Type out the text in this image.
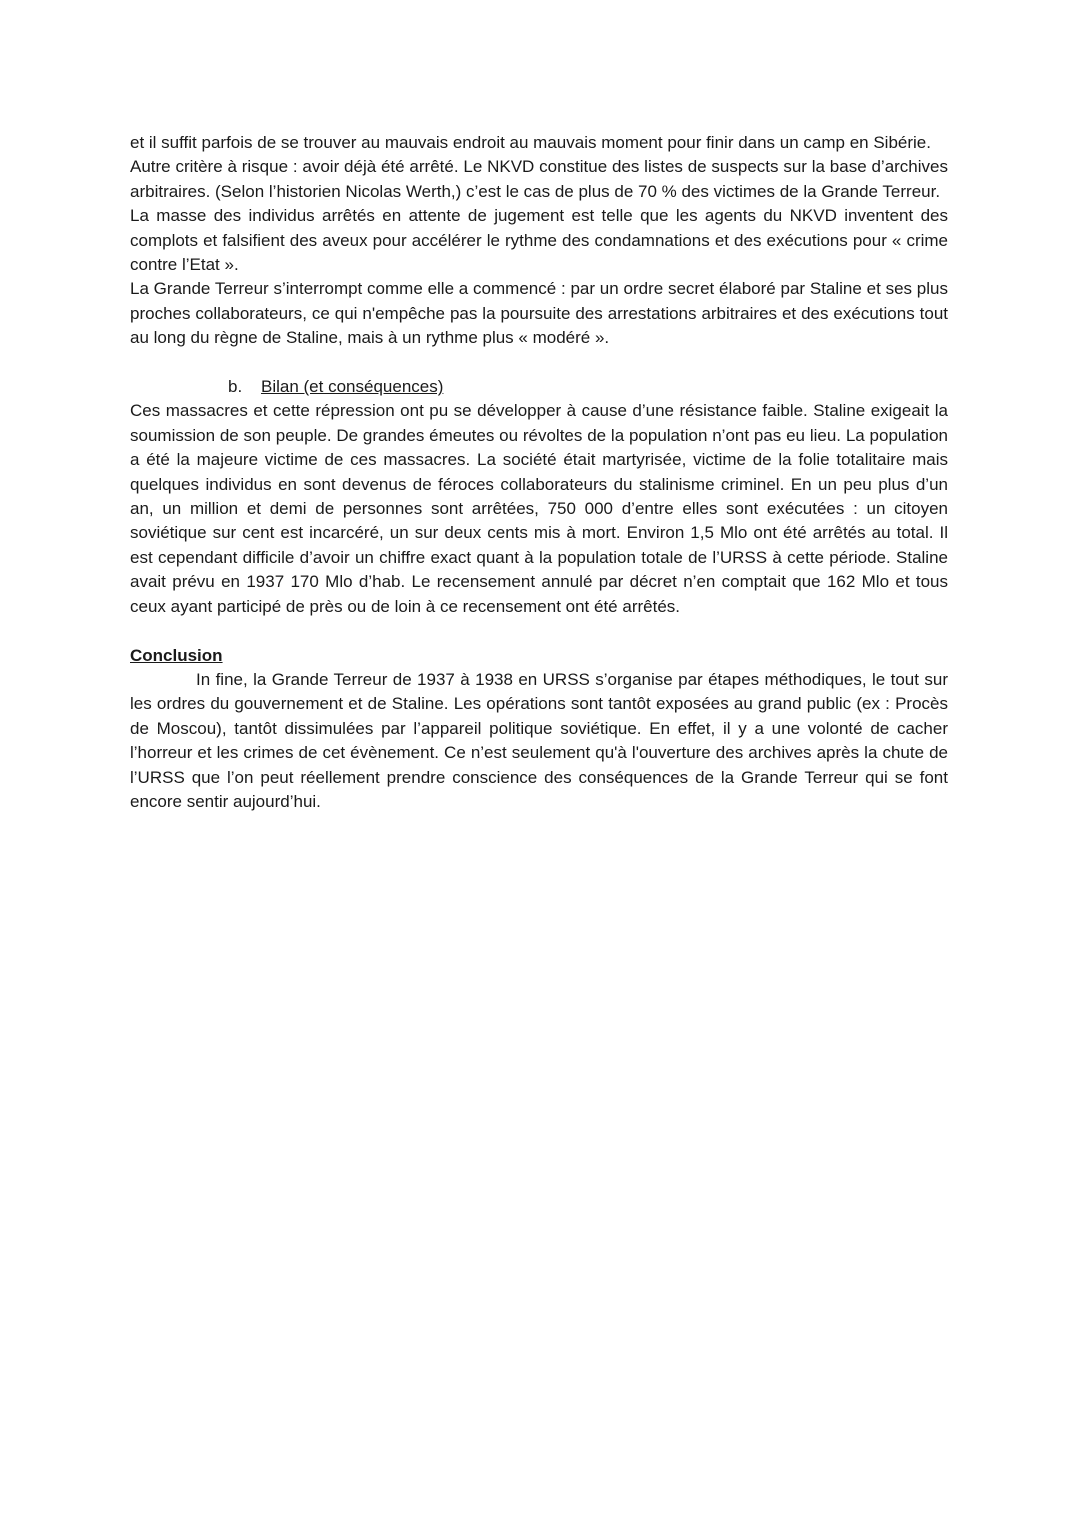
et il suffit parfois de se trouver au mauvais endroit au mauvais moment pour finir dans un camp en Sibérie.

Autre critère à risque : avoir déjà été arrêté. Le NKVD constitue des listes de suspects sur la base d’archives arbitraires. (Selon l’historien Nicolas Werth,) c’est le cas de plus de 70 % des victimes de la Grande Terreur.

La masse des individus arrêtés en attente de jugement est telle que les agents du NKVD inventent des complots et falsifient des aveux pour accélérer le rythme des condamnations et des exécutions pour « crime contre l’Etat ».

La Grande Terreur s’interrompt comme elle a commencé : par un ordre secret élaboré par Staline et ses plus proches collaborateurs, ce qui n'empêche pas la poursuite des arrestations arbitraires et des exécutions tout au long du règne de Staline, mais à un rythme plus « modéré ».

b. Bilan (et conséquences)

Ces massacres et cette répression ont pu se développer à cause d’une résistance faible. Staline exigeait la soumission de son peuple. De grandes émeutes ou révoltes de la population n’ont pas eu lieu. La population a été la majeure victime de ces massacres. La société était martyrisée, victime de la folie totalitaire mais quelques individus en sont devenus de féroces collaborateurs du stalinisme criminel. En un peu plus d’un an, un million et demi de personnes sont arrêtées, 750 000 d’entre elles sont exécutées : un citoyen soviétique sur cent est incarcéré, un sur deux cents mis à mort. Environ 1,5 Mlo ont été arrêtés au total. Il est cependant difficile d’avoir un chiffre exact quant à la population totale de l’URSS à cette période. Staline avait prévu en 1937 170 Mlo d’hab. Le recensement annulé par décret n’en comptait que 162 Mlo et tous ceux ayant participé de près ou de loin à ce recensement ont été arrêtés.

Conclusion

In fine, la Grande Terreur de 1937 à 1938 en URSS s’organise par étapes méthodiques, le tout sur les ordres du gouvernement et de Staline. Les opérations sont tantôt exposées au grand public (ex : Procès de Moscou), tantôt dissimulées par l’appareil politique soviétique. En effet, il y a une volonté de cacher l’horreur et les crimes de cet évènement. Ce n’est seulement qu'à l'ouverture des archives après la chute de l’URSS que l’on peut réellement prendre conscience des conséquences de la Grande Terreur qui se font encore sentir aujourd’hui.
